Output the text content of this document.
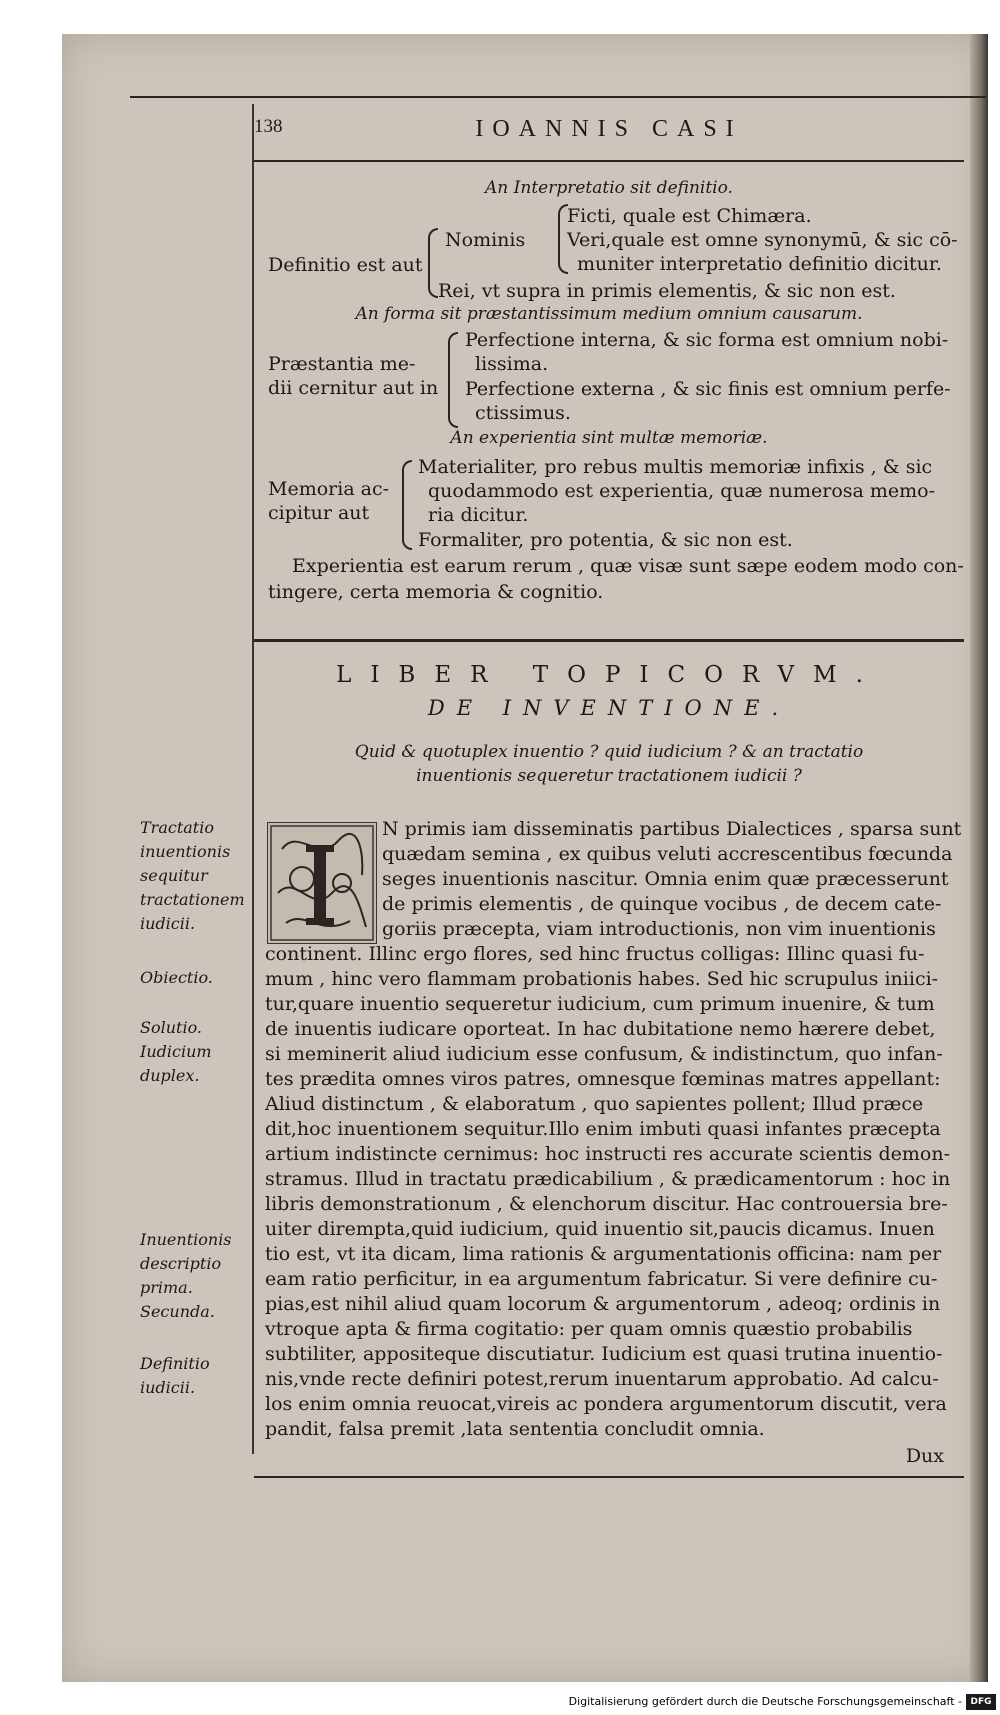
138	IOANNIS CASI
An Interpretatio sit definitio.
Definitio est aut
Nominis
Ficti, quale est Chimæra.
Veri,quale est omne synonymū, & sic cō-
muniter interpretatio definitio dicitur.
Rei, vt supra in primis elementis, & sic non est.
An forma sit præstantissimum medium omnium causarum.
Præstantia me-
dii cernitur aut in
Perfectione interna, & sic forma est omnium nobi-
lissima.
Perfectione externa , & sic finis est omnium perfe-
ctissimus.
An experientia sint multæ memoriæ.
Memoria ac-
cipitur aut
Materialiter, pro rebus multis memoriæ infixis , & sic
quodammodo est experientia, quæ numerosa memo-
ria dicitur.
Formaliter, pro potentia, & sic non est.
Experientia est earum rerum , quæ visæ sunt sæpe eodem modo con-
tingere, certa memoria & cognitio.
LIBER TOPICORVM.
DE INVENTIONE.
Quid & quotuplex inuentio ? quid iudicium ? & an tractatio
inuentionis sequeretur tractationem iudicii ?
Tractatio inuentionis sequitur tractationem iudicii.
Obiectio.
Solutio. Iudicium duplex.
Inuentionis descriptio prima. Secunda.
Definitio iudicii.
N primis iam disseminatis partibus Dialectices , sparsa sunt
quædam semina , ex quibus veluti accrescentibus fœcunda
seges inuentionis nascitur. Omnia enim quæ præcesserunt
de primis elementis , de quinque vocibus , de decem cate-
goriis præcepta, viam introductionis, non vim inuentionis
continent. Illinc ergo flores, sed hinc fructus colligas: Illinc quasi fu-
mum , hinc vero flammam probationis habes. Sed hic scrupulus iniici-
tur,quare inuentio sequeretur iudicium, cum primum inuenire, & tum
de inuentis iudicare oporteat. In hac dubitatione nemo hærere debet,
si meminerit aliud iudicium esse confusum, & indistinctum, quo infan-
tes prædita omnes viros patres, omnesque fœminas matres appellant:
Aliud distinctum , & elaboratum , quo sapientes pollent; Illud præce
dit,hoc inuentionem sequitur.Illo enim imbuti quasi infantes præcepta
artium indistincte cernimus: hoc instructi res accurate scientis demon-
stramus. Illud in tractatu prædicabilium , & prædicamentorum : hoc in
libris demonstrationum , & elenchorum discitur. Hac controuersia bre-
uiter dirempta,quid iudicium, quid inuentio sit,paucis dicamus. Inuen
tio est, vt ita dicam, lima rationis & argumentationis officina: nam per
eam ratio perficitur, in ea argumentum fabricatur. Si vere definire cu-
pias,est nihil aliud quam locorum & argumentorum , adeoq; ordinis in
vtroque apta & firma cogitatio: per quam omnis quæstio probabilis
subtiliter, appositeque discutiatur. Iudicium est quasi trutina inuentio-
nis,vnde recte definiri potest,rerum inuentarum approbatio. Ad calcu-
los enim omnia reuocat,vireis ac pondera argumentorum discutit, vera
pandit, falsa premit ,lata sententia concludit omnia.
Dux
Digitalisierung gefördert durch die Deutsche Forschungsgemeinschaft - DFG
